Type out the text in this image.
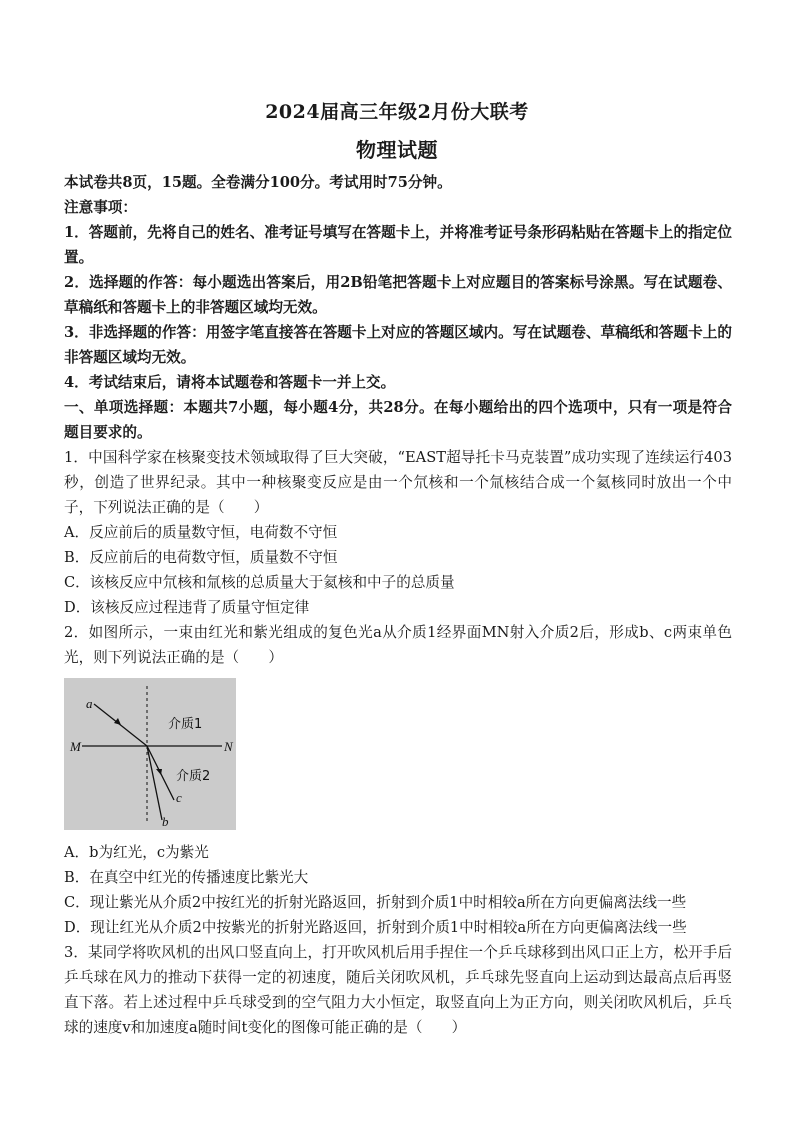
2024届高三年级2月份大联考
物理试题

本试卷共8页，15题。全卷满分100分。考试用时75分钟。

注意事项：

1．答题前，先将自己的姓名、准考证号填写在答题卡上，并将准考证号条形码粘贴在答题卡上的指定位置。

2．选择题的作答：每小题选出答案后，用2B铅笔把答题卡上对应题目的答案标号涂黑。写在试题卷、草稿纸和答题卡上的非答题区域均无效。

3．非选择题的作答：用签字笔直接答在答题卡上对应的答题区域内。写在试题卷、草稿纸和答题卡上的非答题区域均无效。

4．考试结束后，请将本试题卷和答题卡一并上交。

一、单项选择题：本题共7小题，每小题4分，共28分。在每小题给出的四个选项中，只有一项是符合题目要求的。

1．中国科学家在核聚变技术领域取得了巨大突破，“EAST超导托卡马克装置”成功实现了连续运行403秒，创造了世界纪录。其中一种核聚变反应是由一个氘核和一个氚核结合成一个氦核同时放出一个中子，下列说法正确的是（　　）

A．反应前后的质量数守恒，电荷数不守恒

B．反应前后的电荷数守恒，质量数不守恒

C．该核反应中氘核和氚核的总质量大于氦核和中子的总质量

D．该核反应过程违背了质量守恒定律

2．如图所示，一束由红光和紫光组成的复色光a从介质1经界面MN射入介质2后，形成b、c两束单色光，则下列说法正确的是（　　）

a
b
c
M	N
介质1
介质2

A．b为红光，c为紫光

B．在真空中红光的传播速度比紫光大

C．现让紫光从介质2中按红光的折射光路返回，折射到介质1中时相较a所在方向更偏离法线一些

D．现让红光从介质2中按紫光的折射光路返回，折射到介质1中时相较a所在方向更偏离法线一些

3．某同学将吹风机的出风口竖直向上，打开吹风机后用手捏住一个乒乓球移到出风口正上方，松开手后乒乓球在风力的推动下获得一定的初速度，随后关闭吹风机，乒乓球先竖直向上运动到达最高点后再竖直下落。若上述过程中乒乓球受到的空气阻力大小恒定，取竖直向上为正方向，则关闭吹风机后，乒乓球的速度v和加速度a随时间t变化的图像可能正确的是（　　）
